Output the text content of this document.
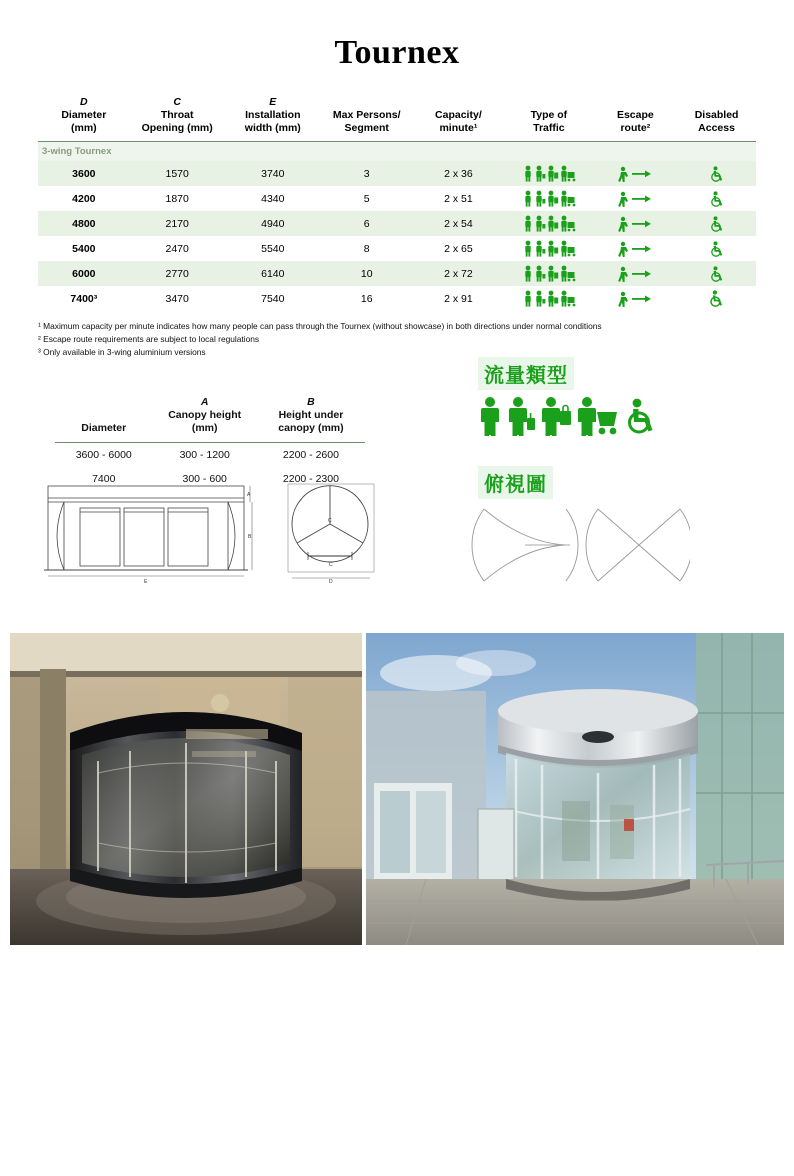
Tournex
D
Diameter
(mm)	C
Throat
Opening (mm)	E
Installation
width (mm)	Max Persons/
Segment	Capacity/
minute¹	Type of
Traffic	Escape
route²	Disabled
Access
3-wing Tournex							
3600	1570	3740	3	2 x 36			
4200	1870	4340	5	2 x 51			
4800	2170	4940	6	2 x 54			
5400	2470	5540	8	2 x 65			
6000	2770	6140	10	2 x 72			
7400³	3470	7540	16	2 x 91			
¹ Maximum capacity per minute indicates how many people can pass through the Tournex (without showcase) in both directions under normal conditions
² Escape route requirements are subject to local regulations
³ Only available in 3-wing aluminium versions
Diameter	A
Canopy height
(mm)	B
Height under
canopy (mm)
3600 - 6000	300 - 1200	2200 - 2600
7400	300 - 600	2200 - 2300
流量類型
俯視圖
A
B
E
C
C
D
